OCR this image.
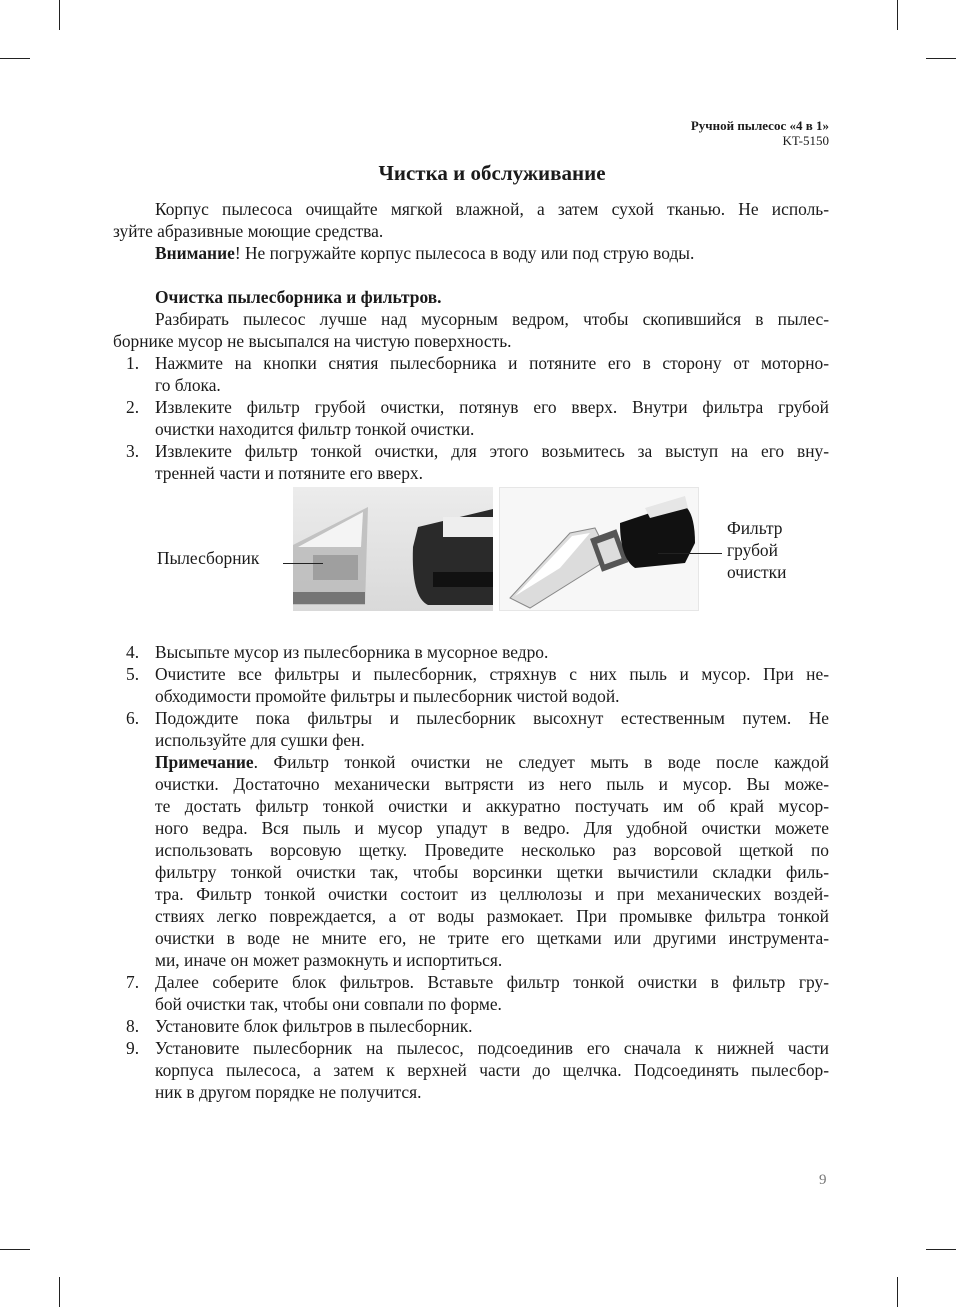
Ручной пылесос «4 в 1»
KT-5150
Чистка и обслуживание
Корпус пылесоса очищайте мягкой влажной, а затем сухой тканью. Не исполь-
зуйте абразивные моющие средства.
Внимание! Не погружайте корпус пылесоса в воду или под струю воды.
Очистка пылесборника и фильтров.
Разбирать пылесос лучше над мусорным ведром, чтобы скопившийся в пылес-
борнике мусор не высыпался на чистую поверхность.
1. Нажмите на кнопки снятия пылесборника и потяните его в сторону от моторно-
го блока.
2. Извлеките фильтр грубой очистки, потянув его вверх. Внутри фильтра грубой
очистки находится фильтр тонкой очистки.
3. Извлеките фильтр тонкой очистки, для этого возьмитесь за выступ на его вну-
тренней части и потяните его вверх.
Пылесборник
Фильтр
грубой
очистки
4. Высыпьте мусор из пылесборника в мусорное ведро.
5. Очистите все фильтры и пылесборник, стряхнув с них пыль и мусор. При не-
обходимости промойте фильтры и пылесборник чистой водой.
6. Подождите пока фильтры и пылесборник высохнут естественным путем. Не
используйте для сушки фен.
Примечание. Фильтр тонкой очистки не следует мыть в воде после каждой
очистки. Достаточно механически вытрясти из него пыль и мусор. Вы може-
те достать фильтр тонкой очистки и аккуратно постучать им об край мусор-
ного ведра. Вся пыль и мусор упадут в ведро. Для удобной очистки можете
использовать ворсовую щетку. Проведите несколько раз ворсовой щеткой по
фильтру тонкой очистки так, чтобы ворсинки щетки вычистили складки филь-
тра. Фильтр тонкой очистки состоит из целлюлозы и при механических воздей-
ствиях легко повреждается, а от воды размокает. При промывке фильтра тонкой
очистки в воде не мните его, не трите его щетками или другими инструмента-
ми, иначе он может размокнуть и испортиться.
7. Далее соберите блок фильтров. Вставьте фильтр тонкой очистки в фильтр гру-
бой очистки так, чтобы они совпали по форме.
8. Установите блок фильтров в пылесборник.
9. Установите пылесборник на пылесос, подсоединив его сначала к нижней части
корпуса пылесоса, а затем к верхней части до щелчка. Подсоединять пылесбор-
ник в другом порядке не получится.
9
